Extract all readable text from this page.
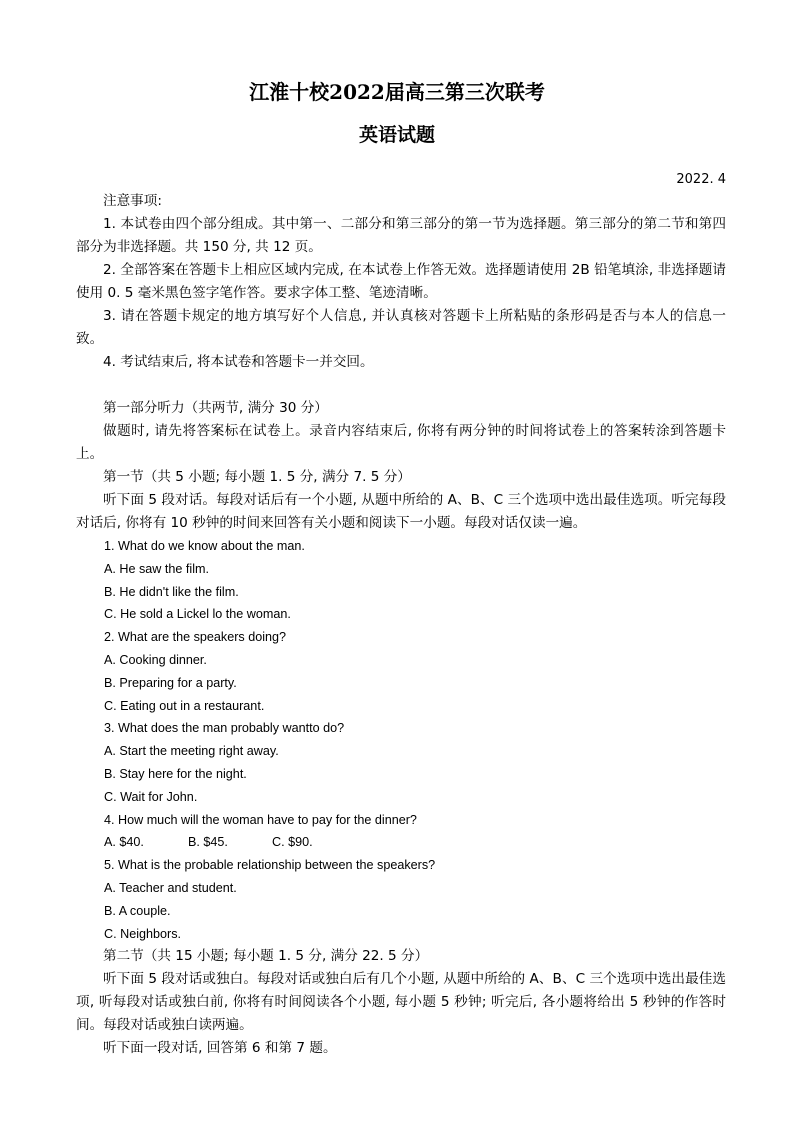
江淮十校2022届高三第三次联考
英语试题
2022. 4
注意事项:
1. 本试卷由四个部分组成。其中第一、二部分和第三部分的第一节为选择题。第三部分的第二节和第四部分为非选择题。共 150 分, 共 12 页。
2. 全部答案在答题卡上相应区域内完成, 在本试卷上作答无效。选择题请使用 2B 铅笔填涂, 非选择题请使用 0. 5 毫米黑色签字笔作答。要求字体工整、笔迹清晰。
3. 请在答题卡规定的地方填写好个人信息, 并认真核对答题卡上所粘贴的条形码是否与本人的信息一致。
4. 考试结束后, 将本试卷和答题卡一并交回。
第一部分听力（共两节, 满分 30 分）
做题时, 请先将答案标在试卷上。录音内容结束后, 你将有两分钟的时间将试卷上的答案转涂到答题卡上。
第一节（共 5 小题; 每小题 1. 5 分, 满分 7. 5 分）
听下面 5 段对话。每段对话后有一个小题, 从题中所给的 A、B、C 三个选项中选出最佳选项。听完每段对话后, 你将有 10 秒钟的时间来回答有关小题和阅读下一小题。每段对话仅读一遍。
1. What do we know about the man.
A. He saw the film.
B. He didn't like the film.
C. He sold a Lickel lo the woman.
2. What are the speakers doing?
A. Cooking dinner.
B. Preparing for a party.
C. Eating out in a restaurant.
3. What does the man probably wantto do?
A. Start the meeting right away.
B. Stay here for the night.
C. Wait for John.
4. How much will the woman have to pay for the dinner?
A. $40.	B. $45.	C. $90.
5. What is the probable relationship between the speakers?
A. Teacher and student.
B. A couple.
C. Neighbors.
第二节（共 15 小题; 每小题 1. 5 分, 满分 22. 5 分）
听下面 5 段对话或独白。每段对话或独白后有几个小题, 从题中所给的 A、B、C 三个选项中选出最佳选项, 听每段对话或独白前, 你将有时间阅读各个小题, 每小题 5 秒钟; 听完后, 各小题将给出 5 秒钟的作答时间。每段对话或独白读两遍。
听下面一段对话, 回答第 6 和第 7 题。
